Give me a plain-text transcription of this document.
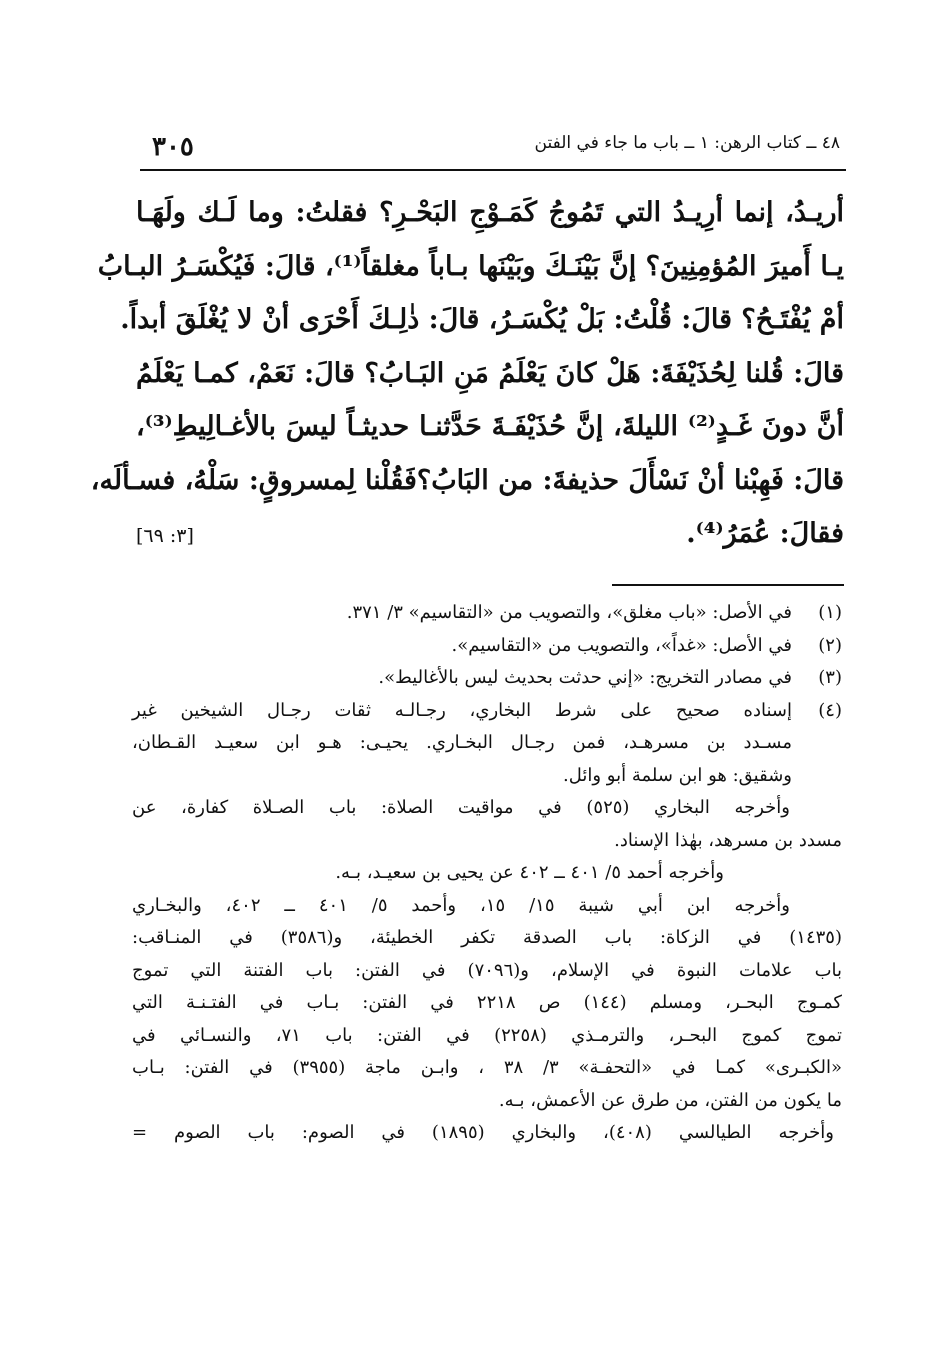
٣٠٥	٤٨ ــ كتاب الرهن: ١ ــ باب ما جاء في الفتن
أريـدُ، إنما أرِيـدُ التي تَمُوجُ كَمَـوْجِ البَحْـرِ؟ فقلتُ: وما لَـك ولَهَـا
يـا أَميرَ المُؤمِنِينَ؟ إنَّ بَيْنَـكَ وبَيْنَها بـاباً مغلقاً⁽¹⁾، قالَ: فَيُكْسَـرُ البـابُ
أمْ يُفْتَـحُ؟ قالَ: قُلْتُ: بَلْ يُكْسَـرُ، قالَ: ذٰلِـكَ أَحْرَى أنْ لا يُغْلَقَ أبداً.
قالَ: قُلنا لِحُذَيْفَةَ: هَلْ كانَ يَعْلَمُ مَنِ البَـابُ؟ قالَ: نَعَمْ، كمـا يَعْلَمُ
أنَّ دونَ غَـدٍ⁽²⁾ الليلةَ، إنَّ حُذَيْفَـةَ حَدَّثنـا حديثـاً ليسَ بالأغـالِيطِ⁽³⁾،
قالَ: فَهِبْنا أنْ نَسْأَلَ حذيفةَ: من البَابُ؟فَقُلْنا لِمسروقٍ: سَلْهُ، فسـألَه،
فقالَ: عُمَرُ⁽⁴⁾.
[٣: ٦٩]
(١)
في الأصل: «باب مغلق»، والتصويب من «التقاسيم» ٣/ ٣٧١.
(٢)
في الأصل: «غداً»، والتصويب من «التقاسيم».
(٣)
في مصادر التخريج: «إني حدثت بحديث ليس بالأغاليط».
(٤)
إسناده صحيح على شرط البخاري، رجـالـه ثقات رجـال الشيخين غير
مسـدد بن مسرهـد، فمن رجـال البخـاري. يحيـى: هـو ابن سعيـد القـطان،
وشقيق: هو ابن سلمة أبو وائل.
وأخرجه البخاري (٥٢٥) في مواقيت الصلاة: باب الصـلاة كفارة، عن
مسدد بن مسرهد، بهٰذا الإسناد.
وأخرجه أحمد ٥/ ٤٠١ ــ ٤٠٢ عن يحيى بن سعيـد، بـه.
وأخرجه ابن أبي شيبة ١٥/ ١٥، وأحمد ٥/ ٤٠١ ــ ٤٠٢، والبخـاري
(١٤٣٥) في الزكاة: باب الصدقة تكفر الخطيئة، و(٣٥٨٦) في المنـاقب:
باب علامات النبوة في الإسلام، و(٧٠٩٦) في الفتن: باب الفتنة التي تموج
كمـوج البحـر، ومسلم (١٤٤) ص ٢٢١٨ في الفتن: بـاب في الفتـنـة التي
تموج كموج البحـر، والترمـذي (٢٢٥٨) في الفتن: باب ٧١، والنسـائي في
«الكبـرى» كمـا في «التحفـة» ٣/ ٣٨ ، وابـن ماجة (٣٩٥٥) في الفتن: بـاب
ما يكون من الفتن، من طرق عن الأعمش، بـه.
وأخرجه الطيالسي (٤٠٨)، والبخاري (١٨٩٥) في الصوم: باب الصوم =
